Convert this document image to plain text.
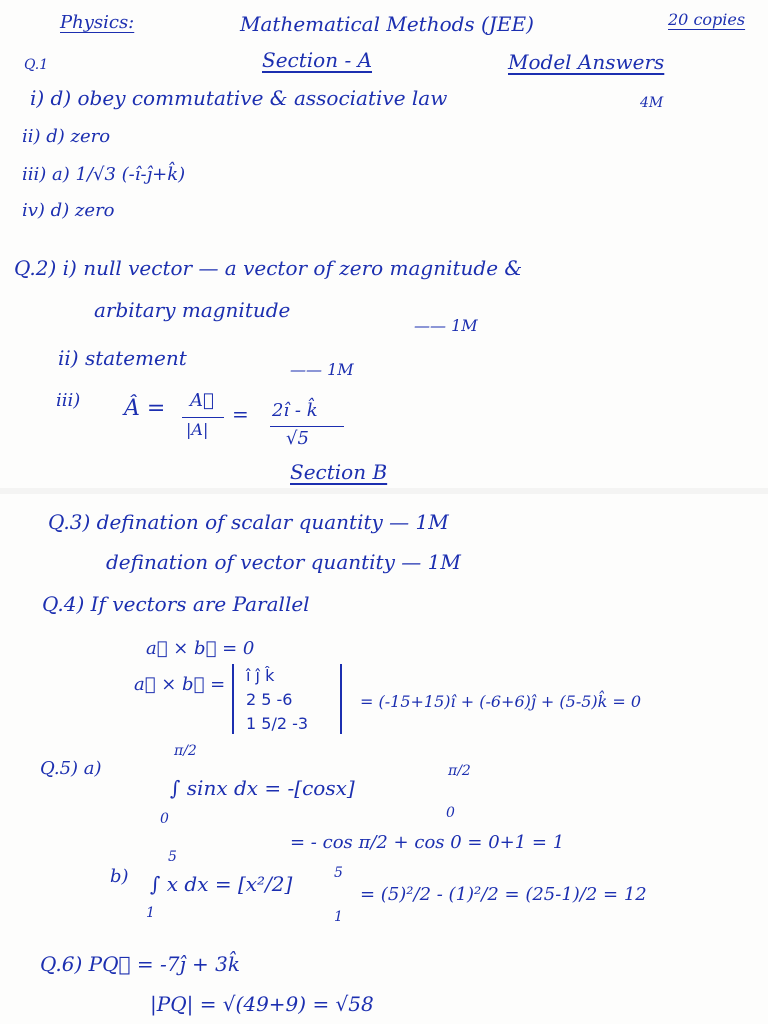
Physics:	Mathematical Methods (JEE)	20 copies
Q.1	Section - A	Model Answers
i) d) obey commutative & associative law	4M
ii) d) zero
iii) a) 1/√3 (-î-ĵ+k̂)
iv) d) zero
Q.2) i) null vector — a vector of zero magnitude &
arbitary magnitude
—— 1M
ii) statement	—— 1M
iii) Â = A⃗
|A|
= 2î - k̂
√5
Section B
Q.3) defination of scalar quantity — 1M
defination of vector quantity — 1M
Q.4) If vectors are Parallel
a⃗ × b⃗ = 0
a⃗ × b⃗ = î ĵ k̂
2 5 -6
1 5/2 -3
= (-15+15)î + (-6+6)ĵ + (5-5)k̂ = 0
Q.5) a)
π/2
0
∫ sinx dx = -[cosx]
π/2
0
= - cos π/2 + cos 0 = 0+1 = 1
b)
5
1
∫ x dx = [x²/2]	5
1
= (5)²/2 - (1)²/2 = (25-1)/2 = 12
Q.6) PQ⃗ = -7ĵ + 3k̂
|PQ| = √(49+9) = √58
